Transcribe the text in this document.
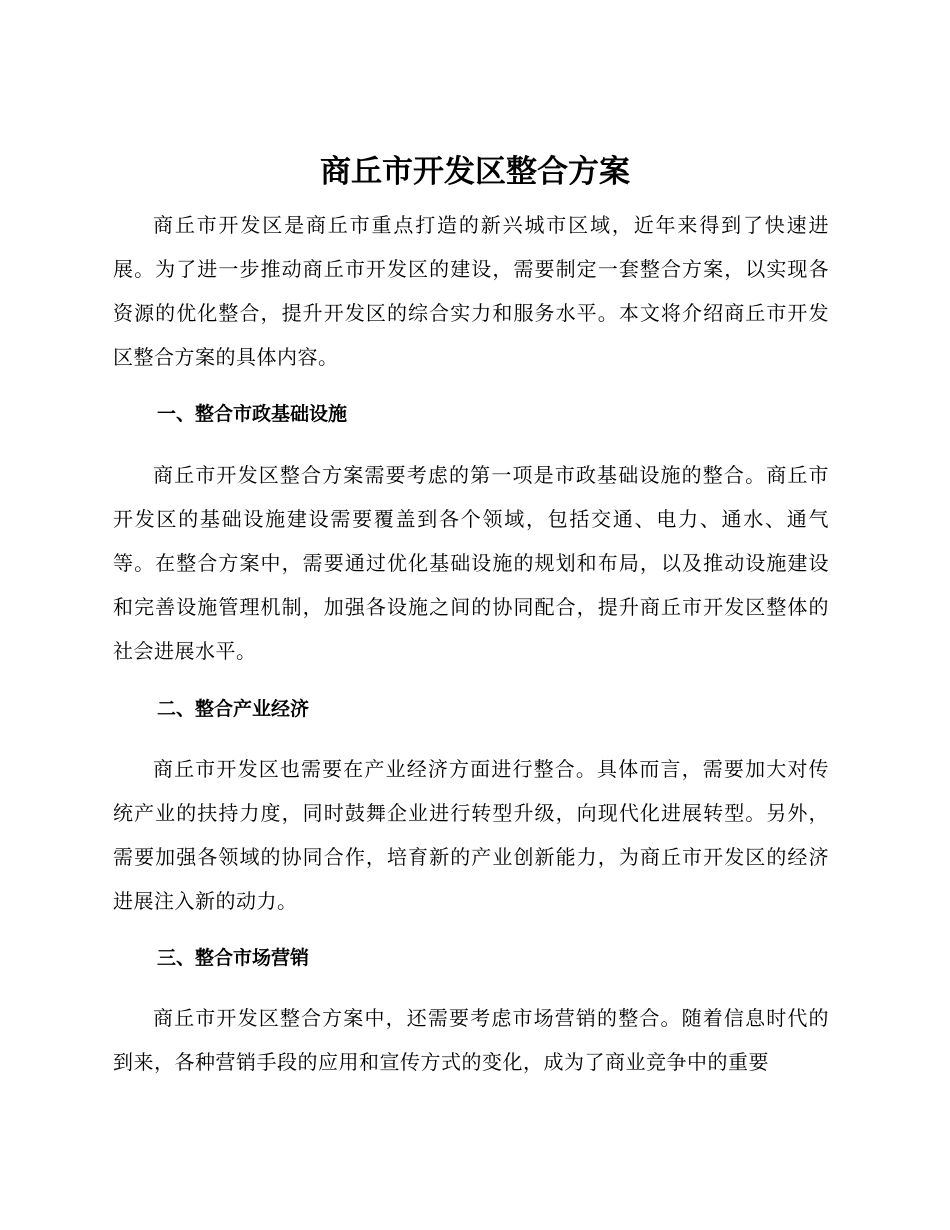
商丘市开发区整合方案

商丘市开发区是商丘市重点打造的新兴城市区域，近年来得到了快速进展。为了进一步推动商丘市开发区的建设，需要制定一套整合方案，以实现各资源的优化整合，提升开发区的综合实力和服务水平。本文将介绍商丘市开发区整合方案的具体内容。

一、整合市政基础设施

商丘市开发区整合方案需要考虑的第一项是市政基础设施的整合。商丘市开发区的基础设施建设需要覆盖到各个领域，包括交通、电力、通水、通气等。在整合方案中，需要通过优化基础设施的规划和布局，以及推动设施建设和完善设施管理机制，加强各设施之间的协同配合，提升商丘市开发区整体的社会进展水平。

二、整合产业经济

商丘市开发区也需要在产业经济方面进行整合。具体而言，需要加大对传统产业的扶持力度，同时鼓舞企业进行转型升级，向现代化进展转型。另外，需要加强各领域的协同合作，培育新的产业创新能力，为商丘市开发区的经济进展注入新的动力。

三、整合市场营销

商丘市开发区整合方案中，还需要考虑市场营销的整合。随着信息时代的到来，各种营销手段的应用和宣传方式的变化，成为了商业竞争中的重要
